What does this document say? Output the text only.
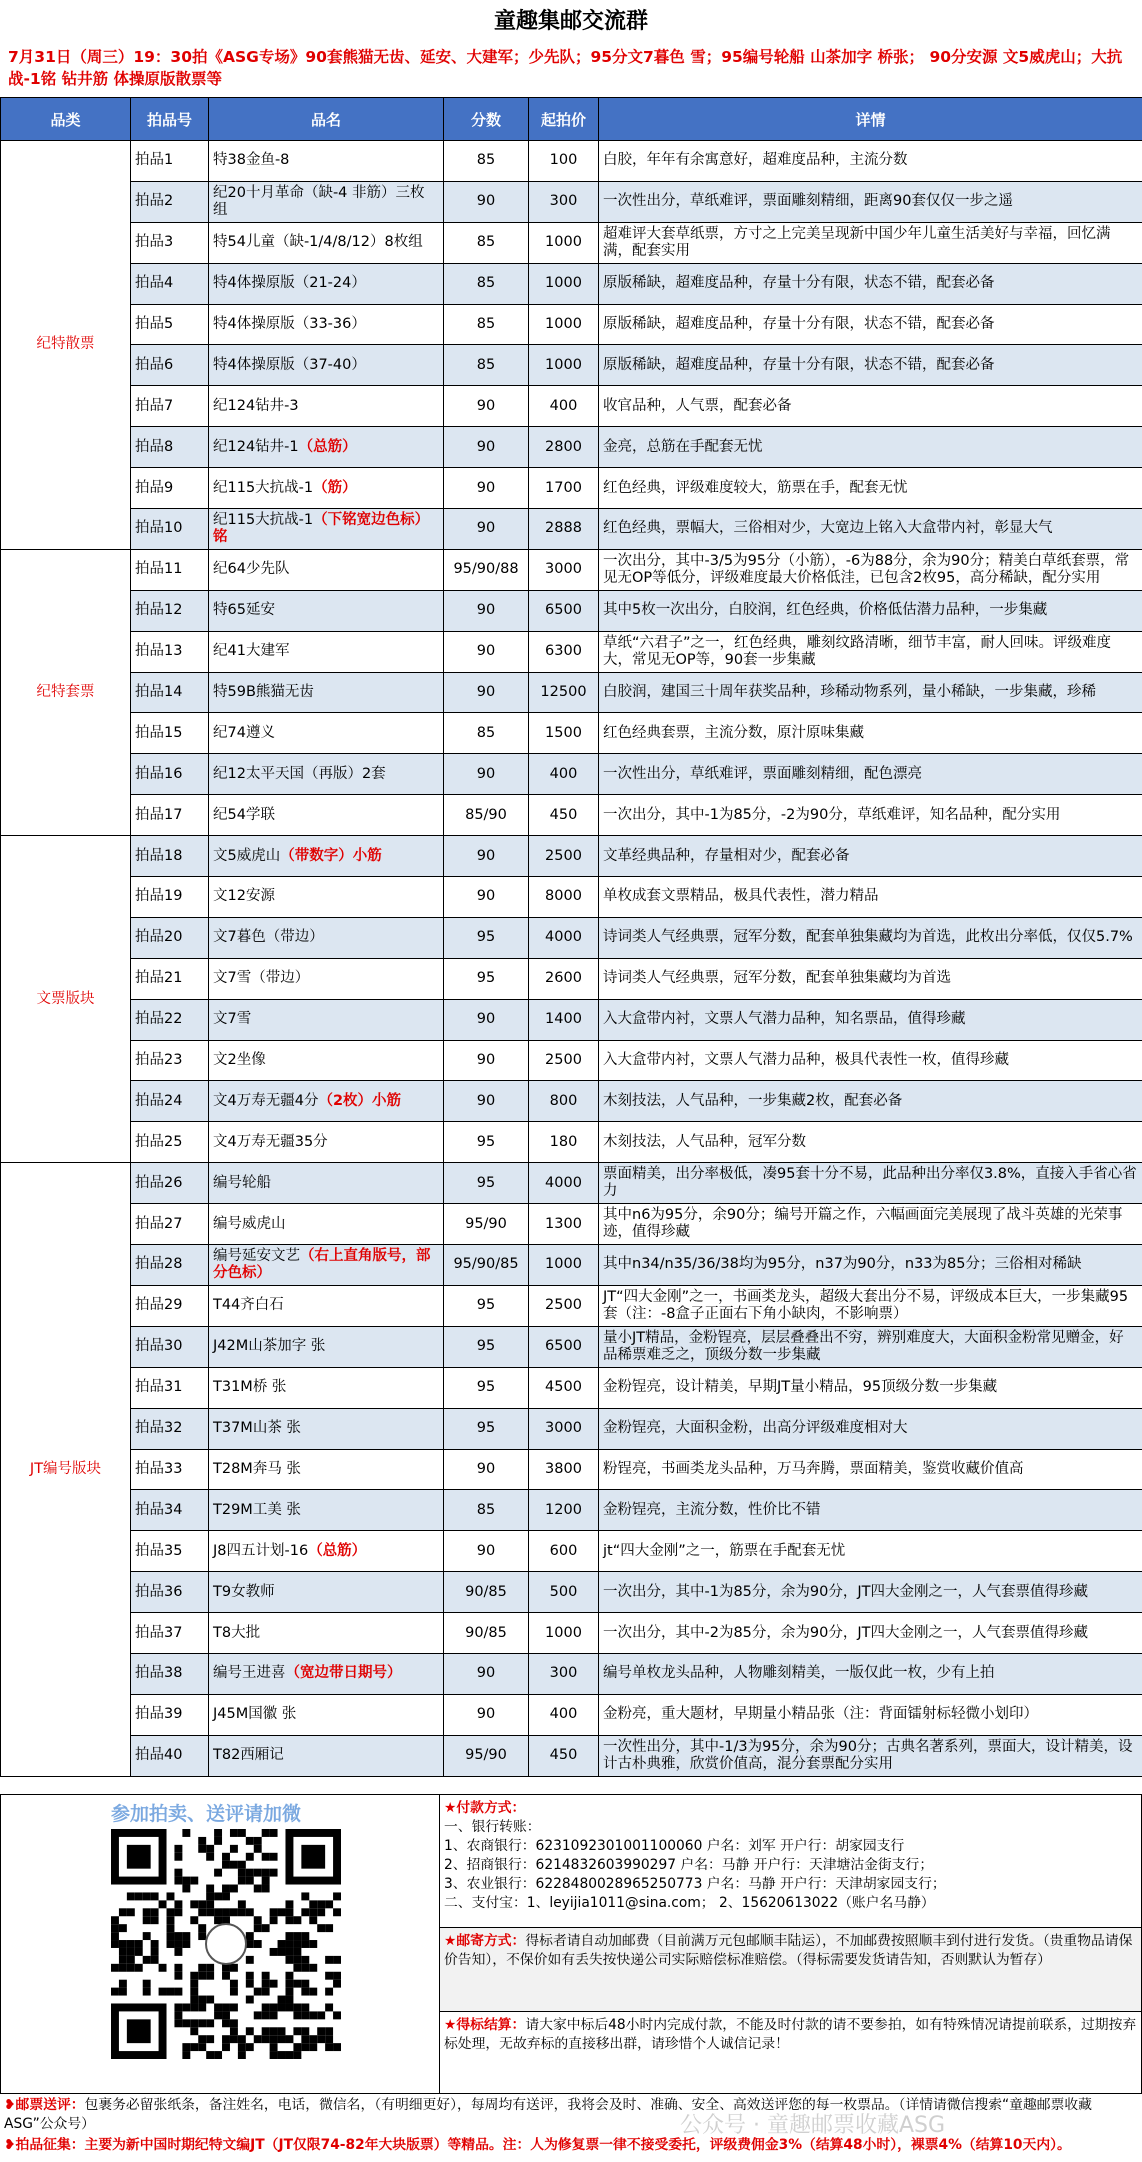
童趣集邮交流群
7月31日（周三）19：30拍《ASG专场》90套熊猫无齿、延安、大建军；少先队；95分文7暮色 雪；95编号轮船 山茶加字 桥张； 90分安源 文5威虎山；大抗战-1铭 钻井筋 体操原版散票等
品类	拍品号	品名	分数	起拍价	详情
纪特散票	拍品1	特38金鱼-8	85	100	白胶，年年有余寓意好，超难度品种，主流分数
	拍品2	纪20十月革命（缺-4 非筋）三枚组	90	300	一次性出分，草纸难评，票面雕刻精细，距离90套仅仅一步之遥
	拍品3	特54儿童（缺-1/4/8/12）8枚组	85	1000	超难评大套草纸票，方寸之上完美呈现新中国少年儿童生活美好与幸福，回忆满满，配套实用
	拍品4	特4体操原版（21-24）	85	1000	原版稀缺，超难度品种，存量十分有限，状态不错，配套必备
	拍品5	特4体操原版（33-36）	85	1000	原版稀缺，超难度品种，存量十分有限，状态不错，配套必备
	拍品6	特4体操原版（37-40）	85	1000	原版稀缺，超难度品种，存量十分有限，状态不错，配套必备
	拍品7	纪124钻井-3	90	400	收官品种，人气票，配套必备
	拍品8	纪124钻井-1（总筋）	90	2800	金亮，总筋在手配套无忧
	拍品9	纪115大抗战-1（筋）	90	1700	红色经典，评级难度较大，筋票在手，配套无忧
	拍品10	纪115大抗战-1（下铭宽边色标）铭	90	2888	红色经典，票幅大，三俗相对少，大宽边上铭入大盒带内衬，彰显大气
纪特套票	拍品11	纪64少先队	95/90/88	3000	一次出分，其中-3/5为95分（小筋），-6为88分，余为90分；精美白草纸套票，常见无OP等低分，评级难度最大价格低洼，已包含2枚95，高分稀缺，配分实用
	拍品12	特65延安	90	6500	其中5枚一次出分，白胶润，红色经典，价格低估潜力品种，一步集藏
	拍品13	纪41大建军	90	6300	草纸“六君子”之一，红色经典，雕刻纹路清晰，细节丰富，耐人回味。评级难度大，常见无OP等，90套一步集藏
	拍品14	特59B熊猫无齿	90	12500	白胶润，建国三十周年获奖品种，珍稀动物系列，量小稀缺，一步集藏，珍稀
	拍品15	纪74遵义	85	1500	红色经典套票，主流分数，原汁原味集藏
	拍品16	纪12太平天国（再版）2套	90	400	一次性出分，草纸难评，票面雕刻精细，配色漂亮
	拍品17	纪54学联	85/90	450	一次出分，其中-1为85分，-2为90分，草纸难评，知名品种，配分实用
文票版块	拍品18	文5威虎山（带数字）小筋	90	2500	文革经典品种，存量相对少，配套必备
	拍品19	文12安源	90	8000	单枚成套文票精品，极具代表性，潜力精品
	拍品20	文7暮色（带边）	95	4000	诗词类人气经典票，冠军分数，配套单独集藏均为首选，此枚出分率低，仅仅5.7%
	拍品21	文7雪（带边）	95	2600	诗词类人气经典票，冠军分数，配套单独集藏均为首选
	拍品22	文7雪	90	1400	入大盒带内衬，文票人气潜力品种，知名票品，值得珍藏
	拍品23	文2坐像	90	2500	入大盒带内衬，文票人气潜力品种，极具代表性一枚，值得珍藏
	拍品24	文4万寿无疆4分（2枚）小筋	90	800	木刻技法，人气品种，一步集藏2枚，配套必备
	拍品25	文4万寿无疆35分	95	180	木刻技法，人气品种，冠军分数
JT编号版块	拍品26	编号轮船	95	4000	票面精美，出分率极低，凑95套十分不易，此品种出分率仅3.8%，直接入手省心省力
	拍品27	编号威虎山	95/90	1300	其中n6为95分，余90分；编号开篇之作，六幅画面完美展现了战斗英雄的光荣事迹，值得珍藏
	拍品28	编号延安文艺（右上直角版号，部分色标）	95/90/85	1000	其中n34/n35/36/38均为95分，n37为90分，n33为85分；三俗相对稀缺
	拍品29	T44齐白石	95	2500	JT“四大金刚”之一，书画类龙头，超级大套出分不易，评级成本巨大，一步集藏95套（注：-8盒子正面右下角小缺肉，不影响票）
	拍品30	J42M山茶加字 张	95	6500	量小JT精品，金粉锃亮，层层叠叠出不穷，辨别难度大，大面积金粉常见赠金，好品稀票难乏之，顶级分数一步集藏
	拍品31	T31M桥 张	95	4500	金粉锃亮，设计精美，早期JT量小精品，95顶级分数一步集藏
	拍品32	T37M山茶 张	95	3000	金粉锃亮，大面积金粉，出高分评级难度相对大
	拍品33	T28M奔马 张	90	3800	粉锃亮，书画类龙头品种，万马奔腾，票面精美，鉴赏收藏价值高
	拍品34	T29M工美 张	85	1200	金粉锃亮，主流分数，性价比不错
	拍品35	J8四五计划-16（总筋）	90	600	jt“四大金刚”之一，筋票在手配套无忧
	拍品36	T9女教师	90/85	500	一次出分，其中-1为85分，余为90分，JT四大金刚之一，人气套票值得珍藏
	拍品37	T8大批	90/85	1000	一次出分，其中-2为85分，余为90分，JT四大金刚之一，人气套票值得珍藏
	拍品38	编号王进喜（宽边带日期号）	90	300	编号单枚龙头品种，人物雕刻精美，一版仅此一枚，少有上拍
	拍品39	J45M国徽 张	90	400	金粉亮，重大题材，早期量小精品张（注：背面镭射标轻微小划印）
	拍品40	T82西厢记	95/90	450	一次性出分，其中-1/3为95分，余为90分；古典名著系列，票面大，设计精美，设计古朴典雅，欣赏价值高，混分套票配分实用
参加拍卖、送评请加微	★付款方式：
一、银行转账：
1、农商银行：6231092301001100060 户名：刘军 开户行：胡家园支行
2、招商银行：6214832603990297 户名：马静 开户行：天津塘沽金街支行；
3、农业银行：6228480028965250773 户名：马静 开户行：天津胡家园支行；
二、支付宝：1、leyijia1011@sina.com； 2、15620613022（账户名马静）
★邮寄方式：得标者请自动加邮费（目前满万元包邮顺丰陆运），不加邮费按照顺丰到付进行发货。（贵重物品请保价告知），不保价如有丢失按快递公司实际赔偿标准赔偿。（得标需要发货请告知，否则默认为暂存）
★得标结算：请大家中标后48小时内完成付款，不能及时付款的请不要参拍，如有特殊情况请提前联系，过期按弃标处理，无故弃标的直接移出群，请珍惜个人诚信记录！
❥邮票送评：包裹务必留张纸条，备注姓名，电话，微信名，（有明细更好），每周均有送评，我将会及时、准确、安全、高效送评您的每一枚票品。（详情请微信搜索“童趣邮票收藏ASG”公众号）	公众号 · 童趣邮票收藏ASG
❥拍品征集：主要为新中国时期纪特文编JT（JT仅限74-82年大块版票）等精品。注：人为修复票一律不接受委托，评级费佣金3%（结算48小时），裸票4%（结算10天内）。
